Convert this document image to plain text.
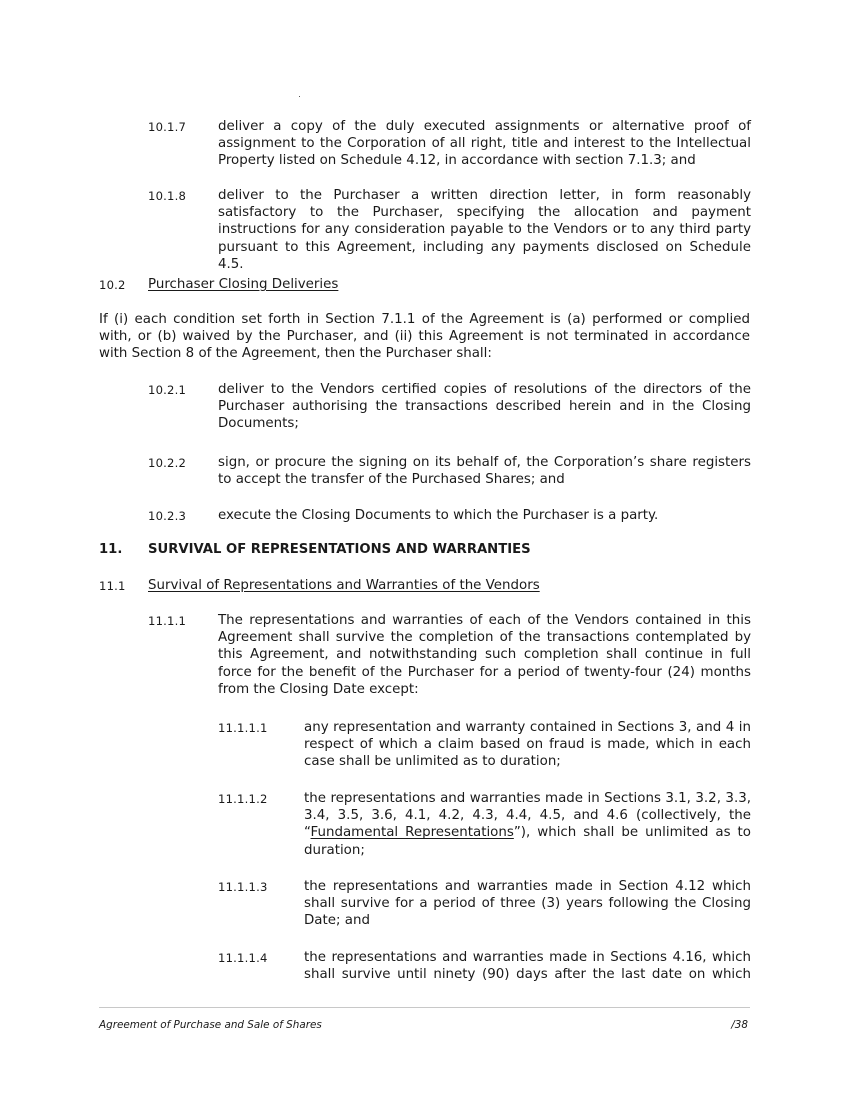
10.1.7 deliver a copy of the duly executed assignments or alternative proof of assignment to the Corporation of all right, title and interest to the Intellectual Property listed on Schedule 4.12, in accordance with section 7.1.3; and
10.1.8 deliver to the Purchaser a written direction letter, in form reasonably satisfactory to the Purchaser, specifying the allocation and payment instructions for any consideration payable to the Vendors or to any third party pursuant to this Agreement, including any payments disclosed on Schedule 4.5.
10.2 Purchaser Closing Deliveries
If (i) each condition set forth in Section 7.1.1 of the Agreement is (a) performed or complied with, or (b) waived by the Purchaser, and (ii) this Agreement is not terminated in accordance with Section 8 of the Agreement, then the Purchaser shall:
10.2.1 deliver to the Vendors certified copies of resolutions of the directors of the Purchaser authorising the transactions described herein and in the Closing Documents;
10.2.2 sign, or procure the signing on its behalf of, the Corporation’s share registers to accept the transfer of the Purchased Shares; and
10.2.3 execute the Closing Documents to which the Purchaser is a party.
11. SURVIVAL OF REPRESENTATIONS AND WARRANTIES
11.1 Survival of Representations and Warranties of the Vendors
11.1.1 The representations and warranties of each of the Vendors contained in this Agreement shall survive the completion of the transactions contemplated by this Agreement, and notwithstanding such completion shall continue in full force for the benefit of the Purchaser for a period of twenty-four (24) months from the Closing Date except:
11.1.1.1	any representation and warranty contained in Sections 3, and 4 in respect of which a claim based on fraud is made, which in each case shall be unlimited as to duration;
11.1.1.2	the representations and warranties made in Sections 3.1, 3.2, 3.3, 3.4, 3.5, 3.6, 4.1, 4.2, 4.3, 4.4, 4.5, and 4.6 (collectively, the “Fundamental Representations”), which shall be unlimited as to duration;
11.1.1.3	the representations and warranties made in Section 4.12 which shall survive for a period of three (3) years following the Closing Date; and
11.1.1.4	the representations and warranties made in Sections 4.16, which shall survive until ninety (90) days after the last date on which
Agreement of Purchase and Sale of Shares	/38
